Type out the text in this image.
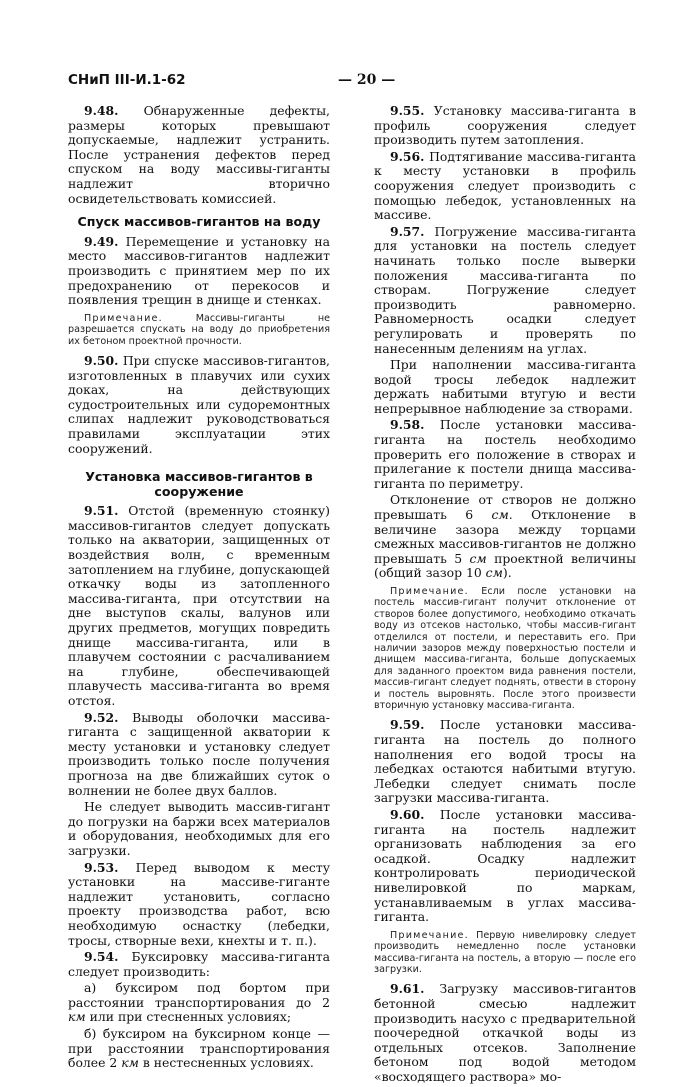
СНиП III-И.1-62	— 20 —

9.48. Обнаруженные дефекты, размеры которых превышают допускаемые, надлежит устранить. После устранения дефектов перед спуском на воду массивы-гиганты надлежит вторично освидетельствовать комиссией.

Спуск массивов-гигантов на воду

9.49. Перемещение и установку на место массивов-гигантов надлежит производить с принятием мер по их предохранению от перекосов и появления трещин в днище и стенках.

Примечание. Массивы-гиганты не разрешается спускать на воду до приобретения их бетоном проектной прочности.

9.50. При спуске массивов-гигантов, изготовленных в плавучих или сухих доках, на действующих судостроительных или судоремонтных слипах надлежит руководствоваться правилами эксплуатации этих сооружений.

Установка массивов-гигантов в сооружение

9.51. Отстой (временную стоянку) массивов-гигантов следует допускать только на акватории, защищенных от воздействия волн, с временным затоплением на глубине, допускающей откачку воды из затопленного массива-гиганта, при отсутствии на дне выступов скалы, валунов или других предметов, могущих повредить днище массива-гиганта, или в плавучем состоянии с расчаливанием на глубине, обеспечивающей плавучесть массива-гиганта во время отстоя.

9.52. Выводы оболочки массива-гиганта с защищенной акватории к месту установки и установку следует производить только после получения прогноза на две ближайших суток о волнении не более двух баллов.

Не следует выводить массив-гигант до погрузки на баржи всех материалов и оборудования, необходимых для его загрузки.

9.53. Перед выводом к месту установки на массиве-гиганте надлежит установить, согласно проекту производства работ, всю необходимую оснастку (лебедки, тросы, створные вехи, кнехты и т. п.).

9.54. Буксировку массива-гиганта следует производить:

а) буксиром под бортом при расстоянии транспортирования до 2 км или при стесненных условиях;

б) буксиром на буксирном концe — при расстоянии транспортирования более 2 км в нестесненных условиях.

9.55. Установку массива-гиганта в профиль сооружения следует производить путем затопления.

9.56. Подтягивание массива-гиганта к месту установки в профиль сооружения следует производить с помощью лебедок, установленных на массиве.

9.57. Погружение массива-гиганта для установки на постель следует начинать только после выверки положения массива-гиганта по створам. Погружение следует производить равномерно. Равномерность осадки следует регулировать и проверять по нанесенным делениям на углах.

При наполнении массива-гиганта водой тросы лебедок надлежит держать набитыми втугую и вести непрерывное наблюдение за створами.

9.58. После установки массива-гиганта на постель необходимо проверить его положение в створах и прилегание к постели днища массива-гиганта по периметру.

Отклонение от створов не должно превышать 6 см. Отклонение в величине зазора между торцами смежных массивов-гигантов не должно превышать 5 см проектной величины (общий зазор 10 см).

Примечание. Если после установки на постель массив-гигант получит отклонение от створов более допустимого, необходимо откачать воду из отсеков настолько, чтобы массив-гигант отделился от постели, и переставить его. При наличии зазоров между поверхностью постели и днищем массива-гиганта, больше допускаемых для заданного проектом вида равнения постели, массив-гигант следует поднять, отвести в сторону и постель выровнять. После этого произвести вторичную установку массива-гиганта.

9.59. После установки массива-гиганта на постель до полного наполнения его водой тросы на лебедках остаются набитыми втугую. Лебедки следует снимать после загрузки массива-гиганта.

9.60. После установки массива-гиганта на постель надлежит организовать наблюдения за его осадкой. Осадку надлежит контролировать периодической нивелировкой по маркам, устанавливаемым в углах массива-гиганта.

Примечание. Первую нивелировку следует производить немедленно после установки массива-гиганта на постель, а вторую — после его загрузки.

9.61. Загрузку массивов-гигантов бетонной смесью надлежит производить насухо с предварительной поочередной откачкой воды из отдельных отсеков. Заполнение бетоном под водой методом «восходящего раствора» мо-
